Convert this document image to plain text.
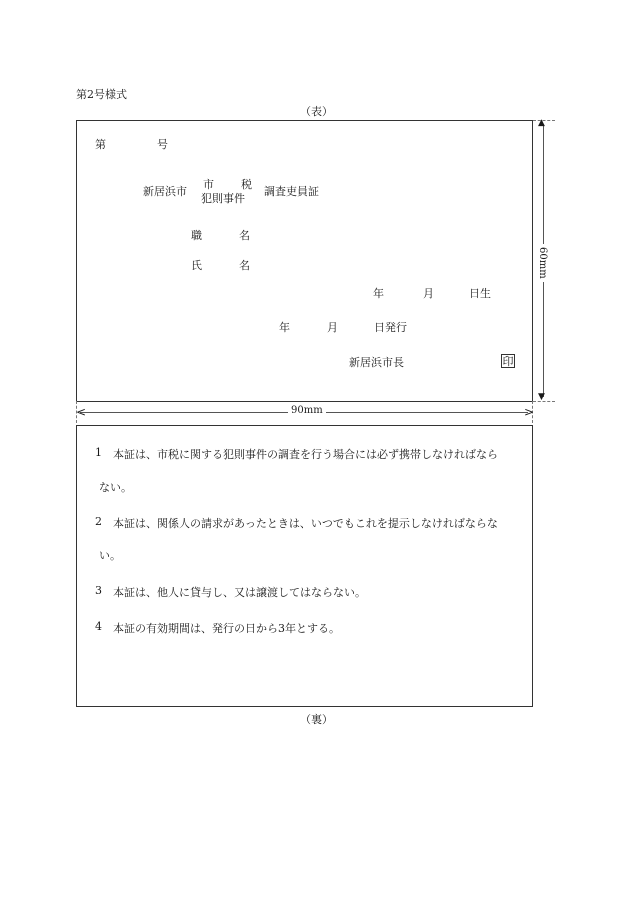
第2号様式
（表）
第	号
新居浜市
市 税
犯則事件
調査吏員証
職	名
氏	名
年	月	日生
年	月	日発行
新居浜市長	印
▲
▼
60mm
<	>
90mm
1 本証は、市税に関する犯則事件の調査を行う場合には必ず携帯しなければなら
ない。
2 本証は、関係人の請求があったときは、いつでもこれを提示しなければならな
い。
3 本証は、他人に貸与し、又は譲渡してはならない。
4 本証の有効期間は、発行の日から3年とする。
（裏）
